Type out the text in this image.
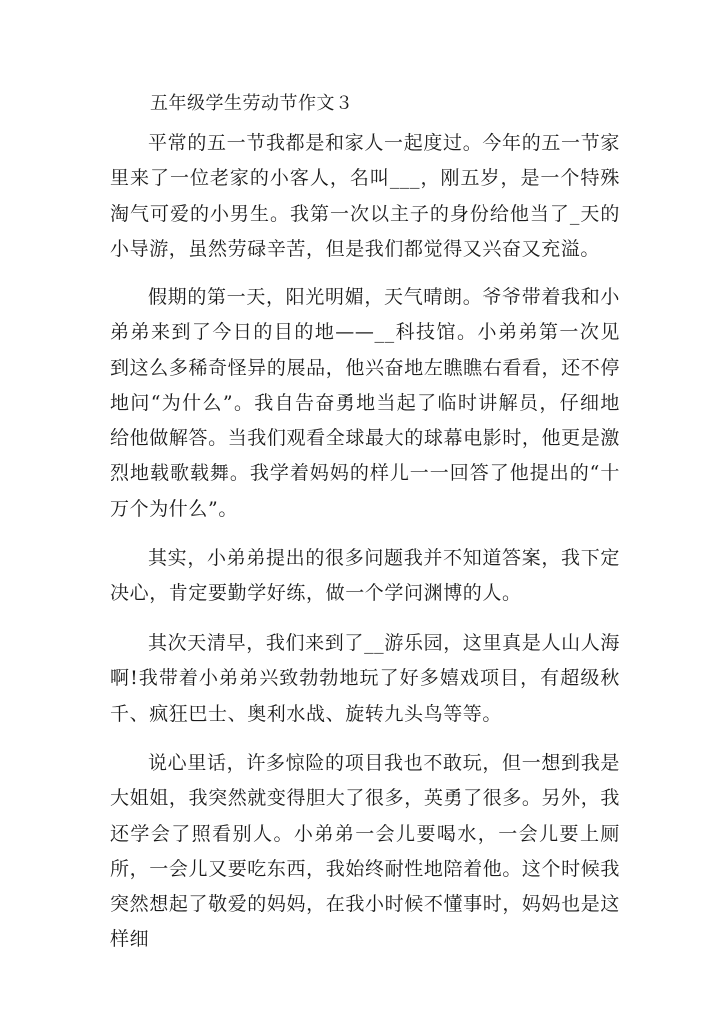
五年级学生劳动节作文３

平常的五一节我都是和家人一起度过。今年的五一节家里来了一位老家的小客人，名叫___，刚五岁，是一个特殊淘气可爱的小男生。我第一次以主子的身份给他当了_天的小导游，虽然劳碌辛苦，但是我们都觉得又兴奋又充溢。

假期的第一天，阳光明媚，天气晴朗。爷爷带着我和小弟弟来到了今日的目的地——__科技馆。小弟弟第一次见到这么多稀奇怪异的展品，他兴奋地左瞧瞧右看看，还不停地问“为什么”。我自告奋勇地当起了临时讲解员，仔细地给他做解答。当我们观看全球最大的球幕电影时，他更是激烈地载歌载舞。我学着妈妈的样儿一一回答了他提出的“十万个为什么”。

其实，小弟弟提出的很多问题我并不知道答案，我下定决心，肯定要勤学好练，做一个学问渊博的人。

其次天清早，我们来到了__游乐园，这里真是人山人海啊!我带着小弟弟兴致勃勃地玩了好多嬉戏项目，有超级秋千、疯狂巴士、奥利水战、旋转九头鸟等等。

说心里话，许多惊险的项目我也不敢玩，但一想到我是大姐姐，我突然就变得胆大了很多，英勇了很多。另外，我还学会了照看别人。小弟弟一会儿要喝水，一会儿要上厕所，一会儿又要吃东西，我始终耐性地陪着他。这个时候我突然想起了敬爱的妈妈，在我小时候不懂事时，妈妈也是这样细
